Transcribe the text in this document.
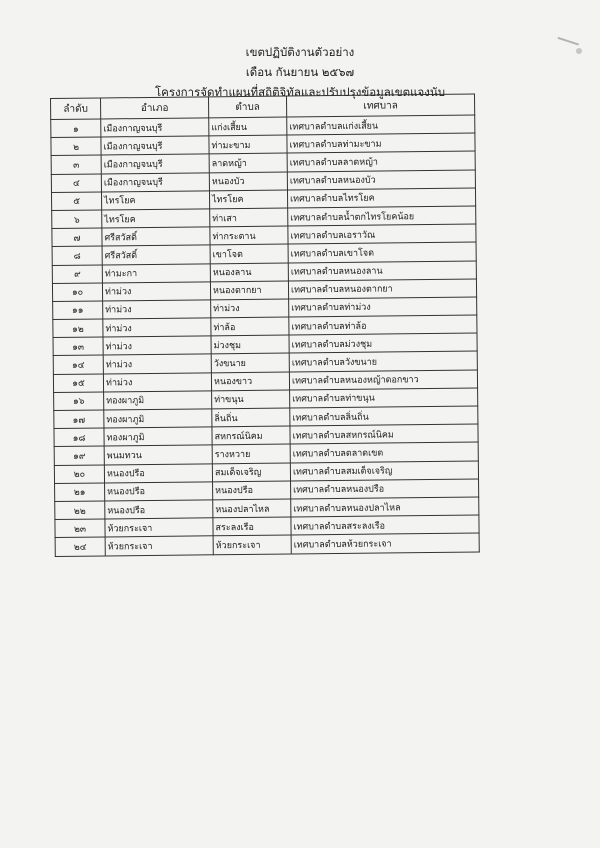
เขตปฏิบัติงานตัวอย่าง
เดือน กันยายน ๒๕๖๗
โครงการจัดทำแผนที่สถิติจิทัลและปรับปรุงข้อมูลเขตแจงนับ
ลำดับ	อำเภอ	ตำบล	เทศบาล
๑	เมืองกาญจนบุรี	แก่งเสี้ยน	เทศบาลตำบลแก่งเสี้ยน
๒	เมืองกาญจนบุรี	ท่ามะขาม	เทศบาลตำบลท่ามะขาม
๓	เมืองกาญจนบุรี	ลาดหญ้า	เทศบาลตำบลลาดหญ้า
๔	เมืองกาญจนบุรี	หนองบัว	เทศบาลตำบลหนองบัว
๕	ไทรโยค	ไทรโยค	เทศบาลตำบลไทรโยค
๖	ไทรโยค	ท่าเสา	เทศบาลตำบลน้ำตกไทรโยคน้อย
๗	ศรีสวัสดิ์	ท่ากระดาน	เทศบาลตำบลเอราวัณ
๘	ศรีสวัสดิ์	เขาโจด	เทศบาลตำบลเขาโจด
๙	ท่ามะกา	หนองลาน	เทศบาลตำบลหนองลาน
๑๐	ท่าม่วง	หนองตากยา	เทศบาลตำบลหนองตากยา
๑๑	ท่าม่วง	ท่าม่วง	เทศบาลตำบลท่าม่วง
๑๒	ท่าม่วง	ท่าล้อ	เทศบาลตำบลท่าล้อ
๑๓	ท่าม่วง	ม่วงชุม	เทศบาลตำบลม่วงชุม
๑๔	ท่าม่วง	วังขนาย	เทศบาลตำบลวังขนาย
๑๕	ท่าม่วง	หนองขาว	เทศบาลตำบลหนองหญ้าดอกขาว
๑๖	ทองผาภูมิ	ท่าขนุน	เทศบาลตำบลท่าขนุน
๑๗	ทองผาภูมิ	ลิ่นถิ่น	เทศบาลตำบลลิ่นถิ่น
๑๘	ทองผาภูมิ	สหกรณ์นิคม	เทศบาลตำบลสหกรณ์นิคม
๑๙	พนมทวน	รางหวาย	เทศบาลตำบลตลาดเขต
๒๐	หนองปรือ	สมเด็จเจริญ	เทศบาลตำบลสมเด็จเจริญ
๒๑	หนองปรือ	หนองปรือ	เทศบาลตำบลหนองปรือ
๒๒	หนองปรือ	หนองปลาไหล	เทศบาลตำบลหนองปลาไหล
๒๓	ห้วยกระเจา	สระลงเรือ	เทศบาลตำบลสระลงเรือ
๒๔	ห้วยกระเจา	ห้วยกระเจา	เทศบาลตำบลห้วยกระเจา
